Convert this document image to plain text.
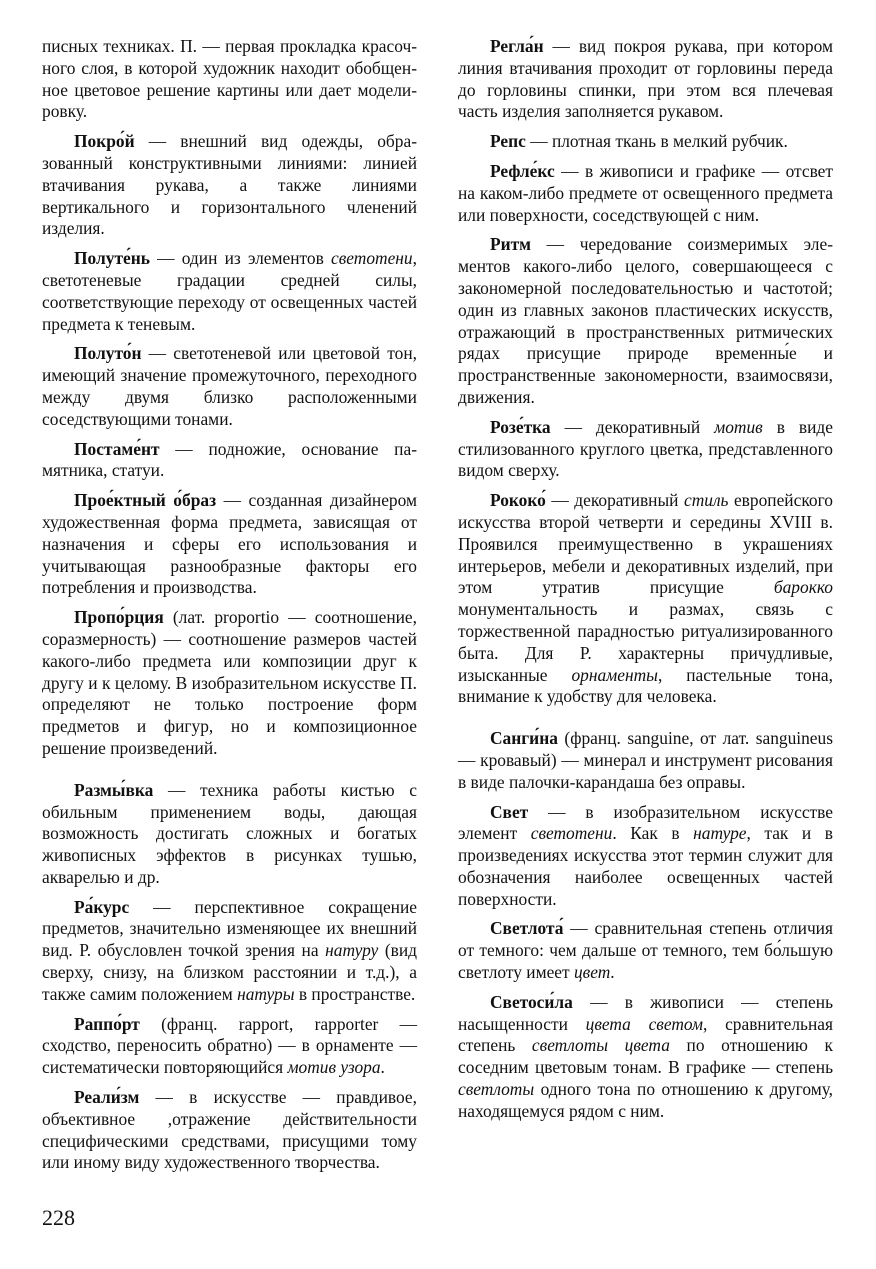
писных техниках. П. — первая прокладка красочного слоя, в которой художник находит обобщенное цветовое решение картины или дает моделировку.

Покро́й — внешний вид одежды, образованный конструктивными линиями: линией втачивания рукава, а также линиями вертикального и горизонтального членений изделия.

Полуте́нь — один из элементов светотени, светотеневые градации средней силы, соответствующие переходу от освещенных частей предмета к теневым.

Полуто́н — светотеневой или цветовой тон, имеющий значение промежуточного, переходного между двумя близко расположенными соседствующими тонами.

Постаме́нт — подножие, основание памятника, статуи.

Прое́ктный о́браз — созданная дизайнером художественная форма предмета, зависящая от назначения и сферы его использования и учитывающая разнообразные факторы его потребления и производства.

Пропо́рция (лат. proportio — соотношение, соразмерность) — соотношение размеров частей какого-либо предмета или композиции друг к другу и к целому. В изобразительном искусстве П. определяют не только построение форм предметов и фигур, но и композиционное решение произведений.

Размы́вка — техника работы кистью с обильным применением воды, дающая возможность достигать сложных и богатых живописных эффектов в рисунках тушью, акварелью и др.

Ра́курс — перспективное сокращение предметов, значительно изменяющее их внешний вид. Р. обусловлен точкой зрения на натуру (вид сверху, снизу, на близком расстоянии и т.д.), а также самим положением натуры в пространстве.

Раппо́рт (франц. rapport, rapporter — сходство, переносить обратно) — в орнаменте — систематически повторяющийся мотив узора.

Реали́зм — в искусстве — правдивое, объективное ,отражение действительности специфическими средствами, присущими тому или иному виду художественного творчества.

Регла́н — вид покроя рукава, при котором линия втачивания проходит от горловины переда до горловины спинки, при этом вся плечевая часть изделия заполняется рукавом.

Репс — плотная ткань в мелкий рубчик.

Рефле́кс — в живописи и графике — отсвет на каком-либо предмете от освещенного предмета или поверхности, соседствующей с ним.

Ритм — чередование соизмеримых элементов какого-либо целого, совершающееся с закономерной последовательностью и частотой; один из главных законов пластических искусств, отражающий в пространственных ритмических рядах присущие природе временны́е и пространственные закономерности, взаимосвязи, движения.

Розе́тка — декоративный мотив в виде стилизованного круглого цветка, представленного видом сверху.

Рококо́ — декоративный стиль европейского искусства второй четверти и середины XVIII в. Проявился преимущественно в украшениях интерьеров, мебели и декоративных изделий, при этом утратив присущие барокко монументальность и размах, связь с торжественной парадностью ритуализированного быта. Для Р. характерны причудливые, изысканные орнаменты, пастельные тона, внимание к удобству для человека.

Санги́на (франц. sanguine, от лат. sanguineus — кровавый) — минерал и инструмент рисования в виде палочки-карандаша без оправы.

Свет — в изобразительном искусстве элемент светотени. Как в натуре, так и в произведениях искусства этот термин служит для обозначения наиболее освещенных частей поверхности.

Светлота́ — сравнительная степень отличия от темного: чем дальше от темного, тем бо́льшую светлоту имеет цвет.

Светоси́ла — в живописи — степень насыщенности цвета светом, сравнительная степень светлоты цвета по отношению к соседним цветовым тонам. В графике — степень светлоты одного тона по отношению к другому, находящемуся рядом с ним.

228
